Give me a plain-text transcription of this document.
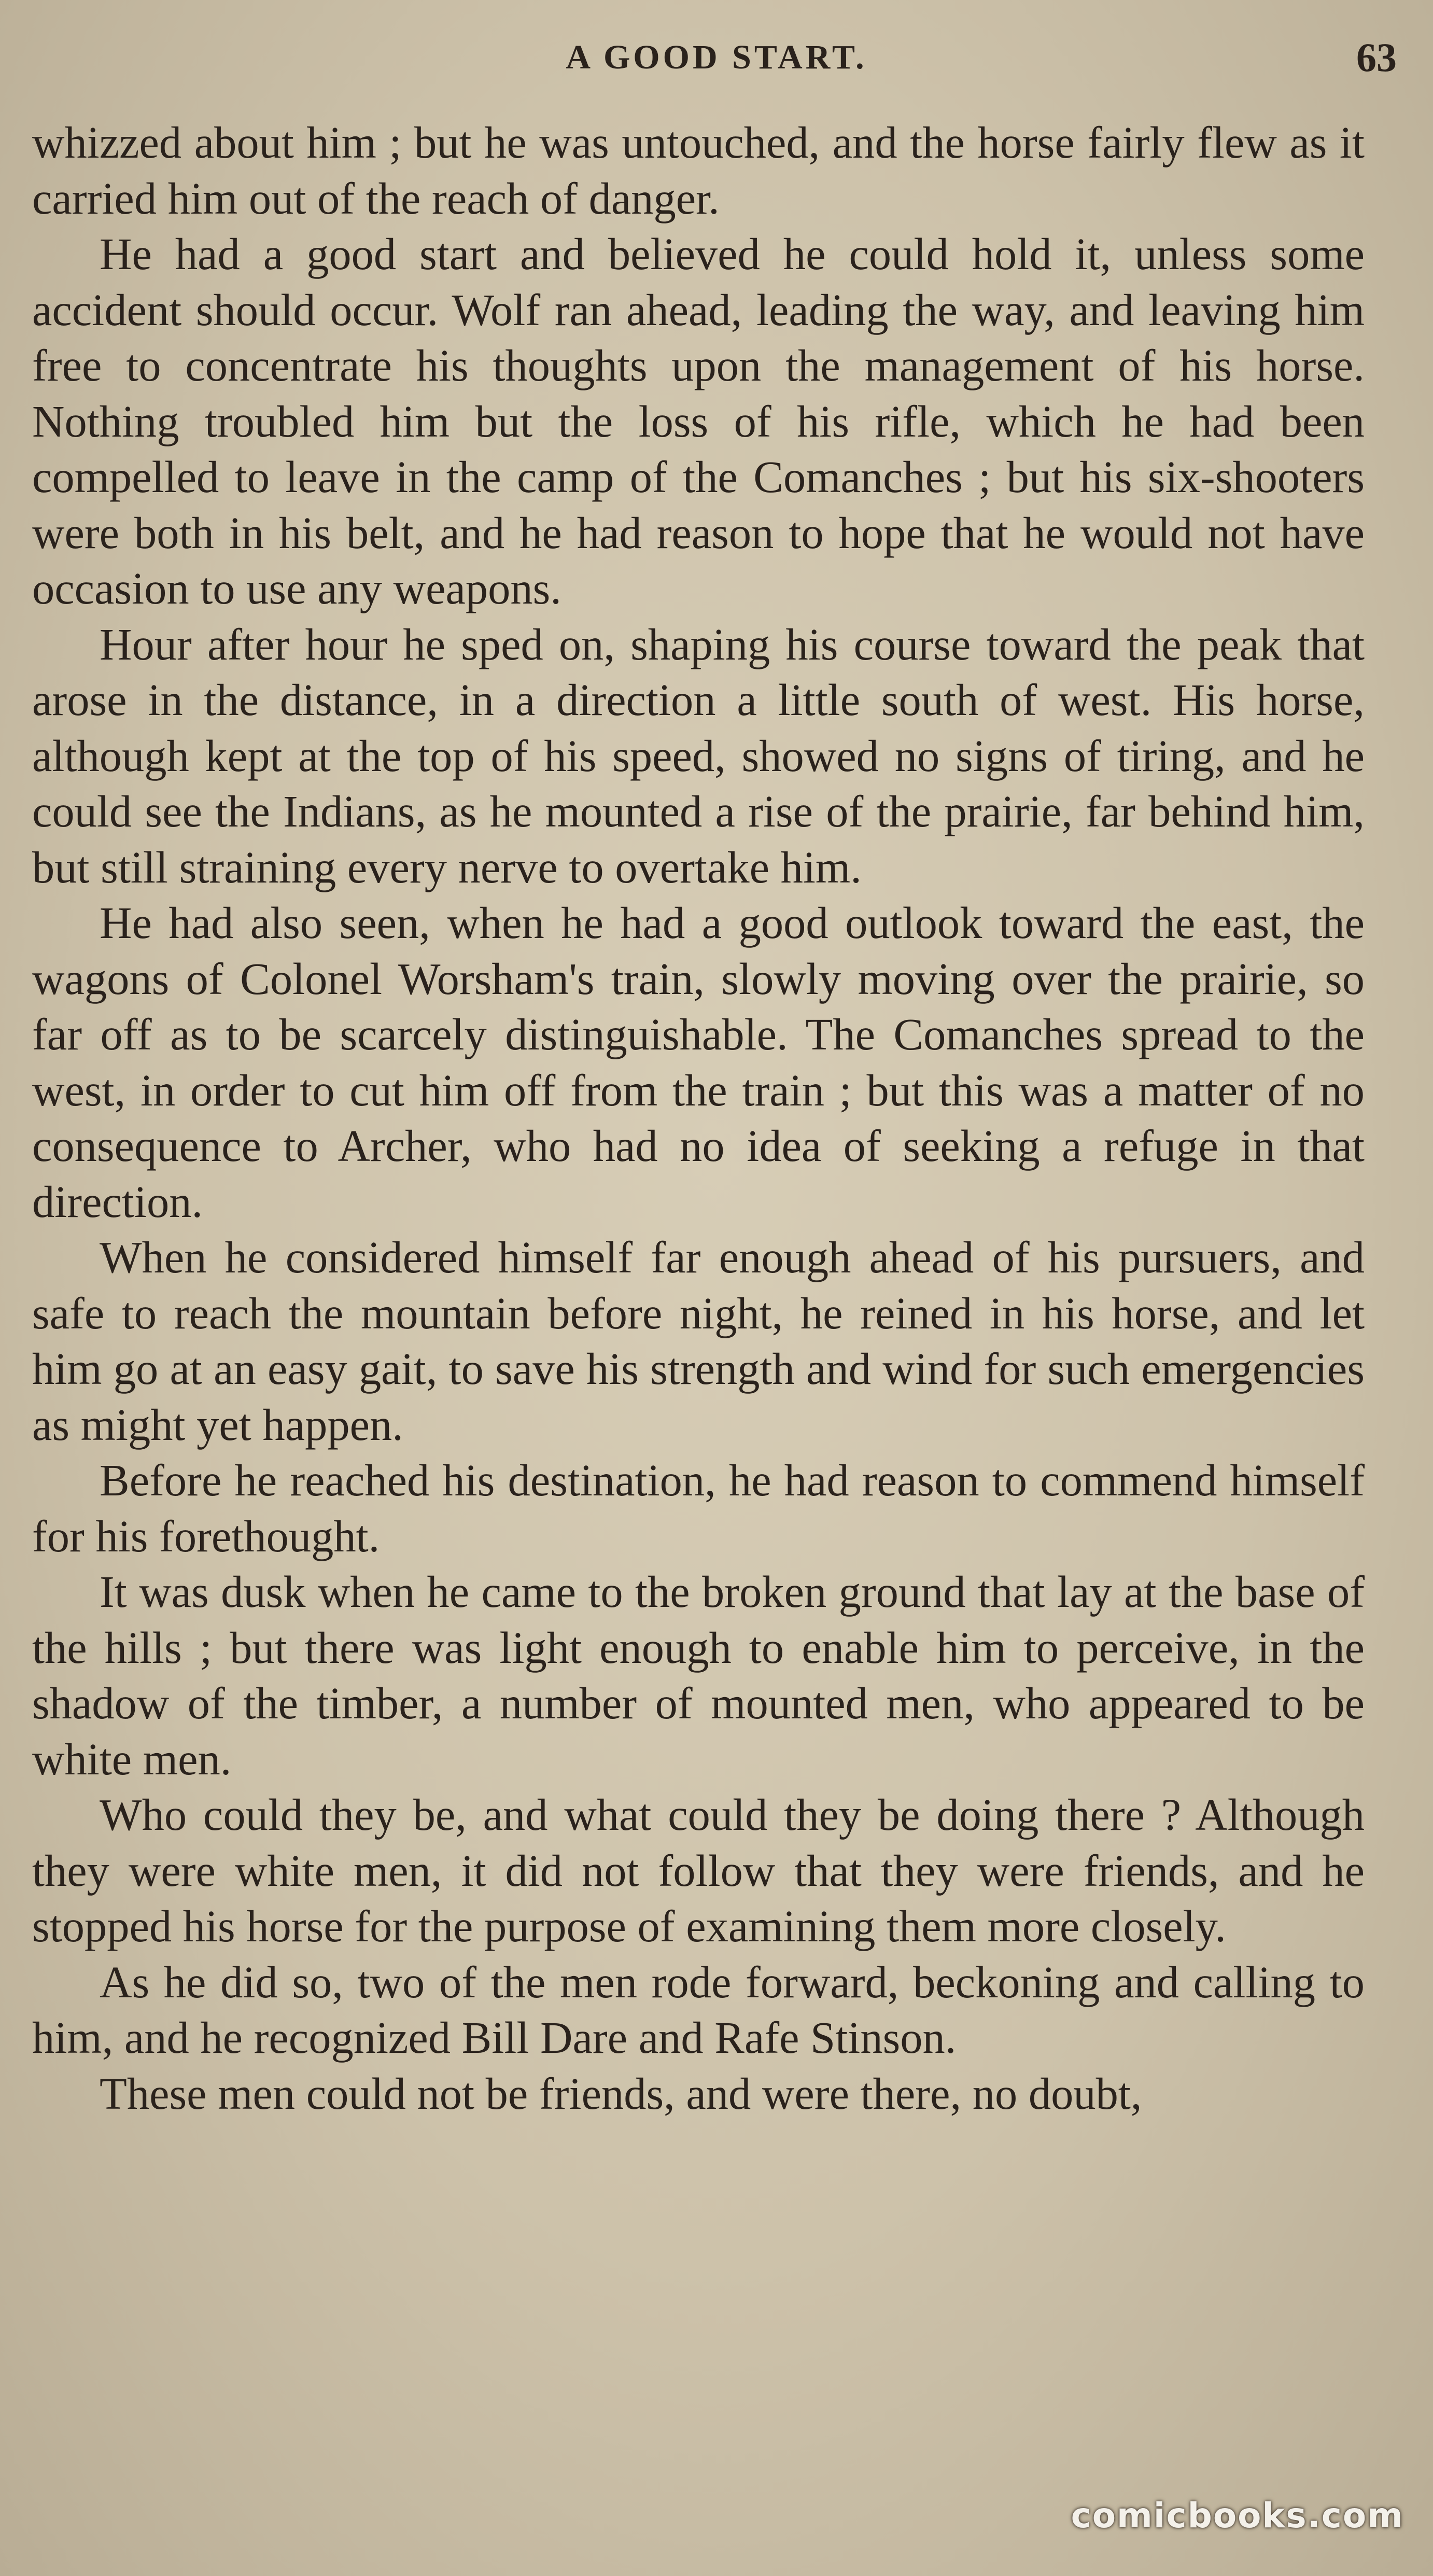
A GOOD START.	63

whizzed about him ; but he was untouched, and the horse fairly flew as it carried him out of the reach of danger.

He had a good start and believed he could hold it, unless some accident should occur. Wolf ran ahead, leading the way, and leaving him free to concentrate his thoughts upon the management of his horse. Nothing troubled him but the loss of his rifle, which he had been compelled to leave in the camp of the Comanches ; but his six-shooters were both in his belt, and he had reason to hope that he would not have occasion to use any weapons.

Hour after hour he sped on, shaping his course toward the peak that arose in the distance, in a direction a little south of west. His horse, although kept at the top of his speed, showed no signs of tiring, and he could see the Indians, as he mounted a rise of the prairie, far behind him, but still straining every nerve to overtake him.

He had also seen, when he had a good outlook toward the east, the wagons of Colonel Worsham's train, slowly moving over the prairie, so far off as to be scarcely distinguishable. The Comanches spread to the west, in order to cut him off from the train ; but this was a matter of no consequence to Archer, who had no idea of seeking a refuge in that direction.

When he considered himself far enough ahead of his pursuers, and safe to reach the mountain before night, he reined in his horse, and let him go at an easy gait, to save his strength and wind for such emergencies as might yet happen.

Before he reached his destination, he had reason to commend himself for his forethought.

It was dusk when he came to the broken ground that lay at the base of the hills ; but there was light enough to enable him to perceive, in the shadow of the timber, a number of mounted men, who appeared to be white men.

Who could they be, and what could they be doing there ? Although they were white men, it did not follow that they were friends, and he stopped his horse for the purpose of examining them more closely.

As he did so, two of the men rode forward, beckoning and calling to him, and he recognized Bill Dare and Rafe Stinson.

These men could not be friends, and were there, no doubt,

comicbooks.com
